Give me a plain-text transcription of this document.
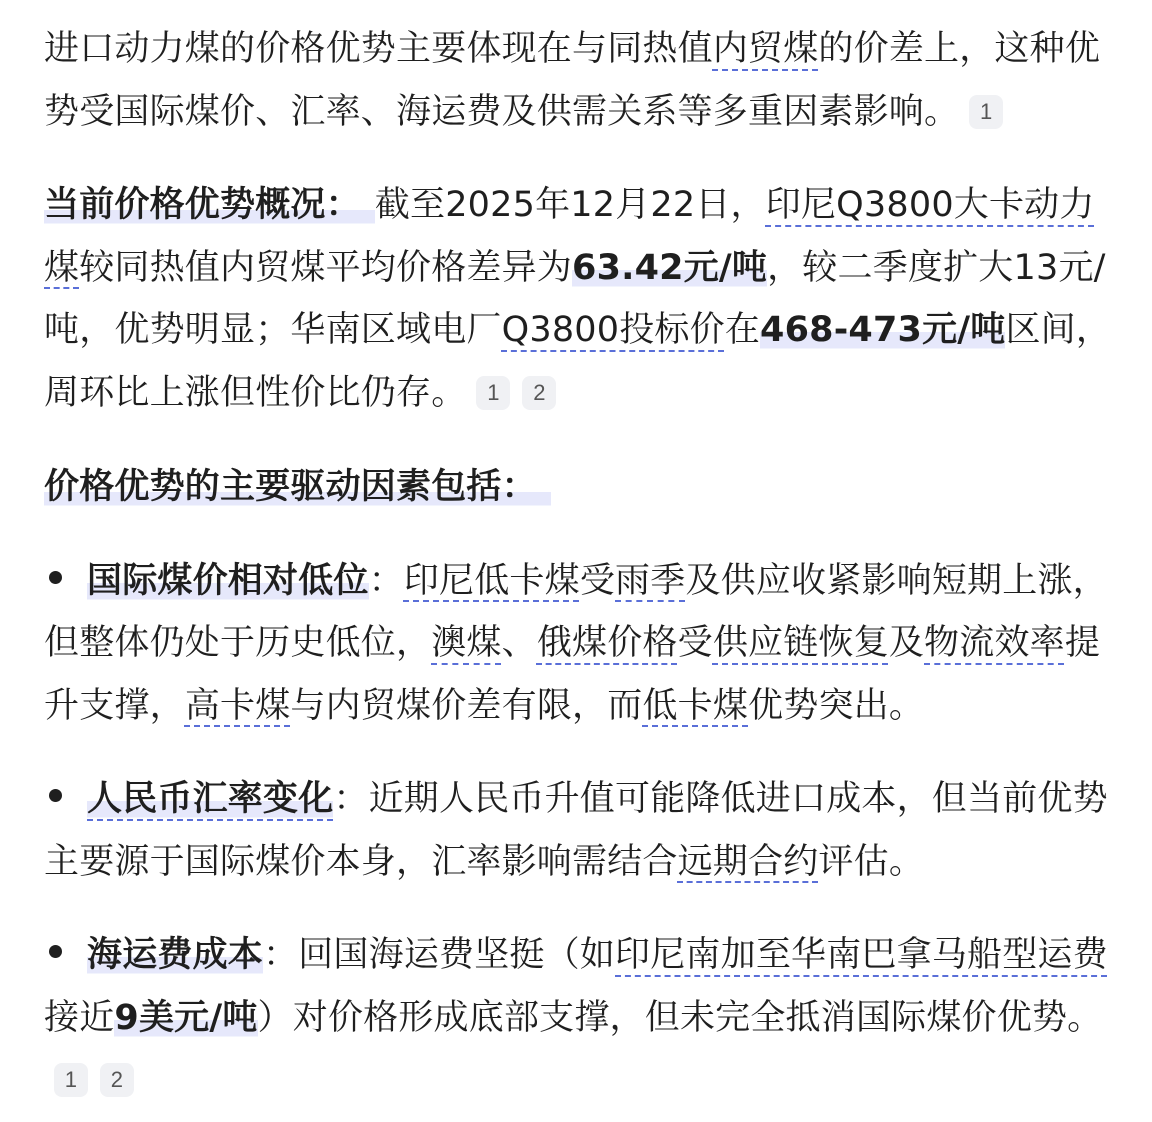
进口动力煤的价格优势主要体现在与同热值内贸煤的价差上，这种优势受国际煤价、汇率、海运费及供需关系等多重因素影响。 1

当前价格优势概况： 截至2025年12月22日，印尼Q3800大卡动力煤较同热值内贸煤平均价格差异为63.42元/吨，较二季度扩大13元/吨，优势明显；华南区域电厂Q3800投标价在468-473元/吨区间，周环比上涨但性价比仍存。 1 2

价格优势的主要驱动因素包括：

国际煤价相对低位：印尼低卡煤受雨季及供应收紧影响短期上涨，但整体仍处于历史低位，澳煤、俄煤价格受供应链恢复及物流效率提升支撑，高卡煤与内贸煤价差有限，而低卡煤优势突出。

人民币汇率变化：近期人民币升值可能降低进口成本，但当前优势主要源于国际煤价本身，汇率影响需结合远期合约评估。

海运费成本：回国海运费坚挺（如印尼南加至华南巴拿马船型运费接近9美元/吨）对价格形成底部支撑，但未完全抵消国际煤价优势。1 2
